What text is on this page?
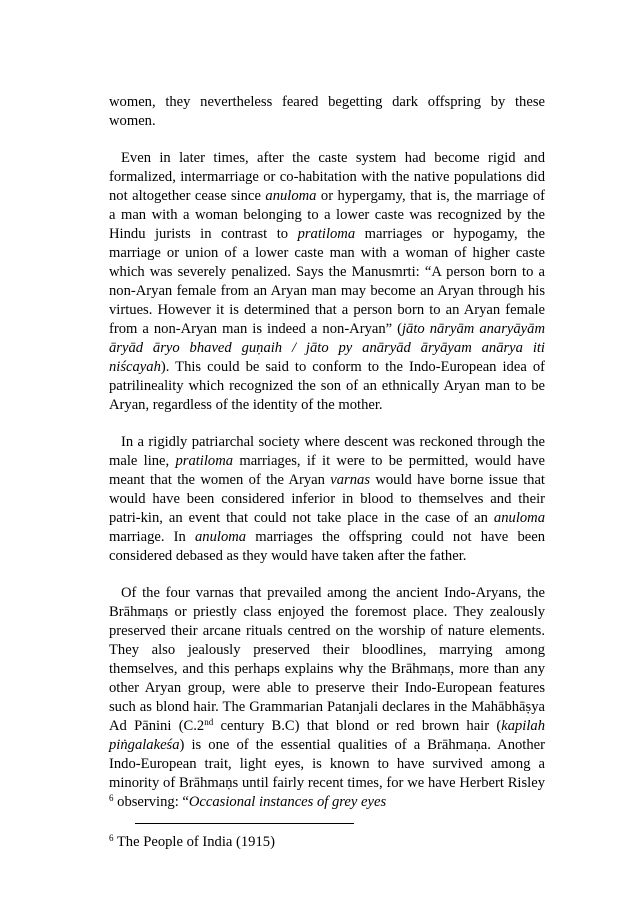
women, they nevertheless feared begetting dark offspring by these women.

Even in later times, after the caste system had become rigid and formalized, intermarriage or co-habitation with the native populations did not altogether cease since anuloma or hypergamy, that is, the marriage of a man with a woman belonging to a lower caste was recognized by the Hindu jurists in contrast to pratiloma marriages or hypogamy, the marriage or union of a lower caste man with a woman of higher caste which was severely penalized. Says the Manusmrti: “A person born to a non-Aryan female from an Aryan man may become an Aryan through his virtues. However it is determined that a person born to an Aryan female from a non-Aryan man is indeed a non-Aryan” (jāto nāryām anaryāyām āryād āryo bhaved guṇaih / jāto py anāryād āryāyam anārya iti niścayah). This could be said to conform to the Indo-European idea of patrilineality which recognized the son of an ethnically Aryan man to be Aryan, regardless of the identity of the mother.

In a rigidly patriarchal society where descent was reckoned through the male line, pratiloma marriages, if it were to be permitted, would have meant that the women of the Aryan varnas would have borne issue that would have been considered inferior in blood to themselves and their patri-kin, an event that could not take place in the case of an anuloma marriage. In anuloma marriages the offspring could not have been considered debased as they would have taken after the father.

Of the four varnas that prevailed among the ancient Indo-Aryans, the Brāhmaṇs or priestly class enjoyed the foremost place. They zealously preserved their arcane rituals centred on the worship of nature elements. They also jealously preserved their bloodlines, marrying among themselves, and this perhaps explains why the Brāhmaṇs, more than any other Aryan group, were able to preserve their Indo-European features such as blond hair. The Grammarian Patanjali declares in the Mahābhāṣya Ad Pānini (C.2nd century B.C) that blond or red brown hair (kapilah piṅgalakeśa) is one of the essential qualities of a Brāhmaṇa. Another Indo-European trait, light eyes, is known to have survived among a minority of Brāhmaṇs until fairly recent times, for we have Herbert Risley $^6$ observing: “Occasional instances of grey eyes

$^6$ The People of India (1915)
